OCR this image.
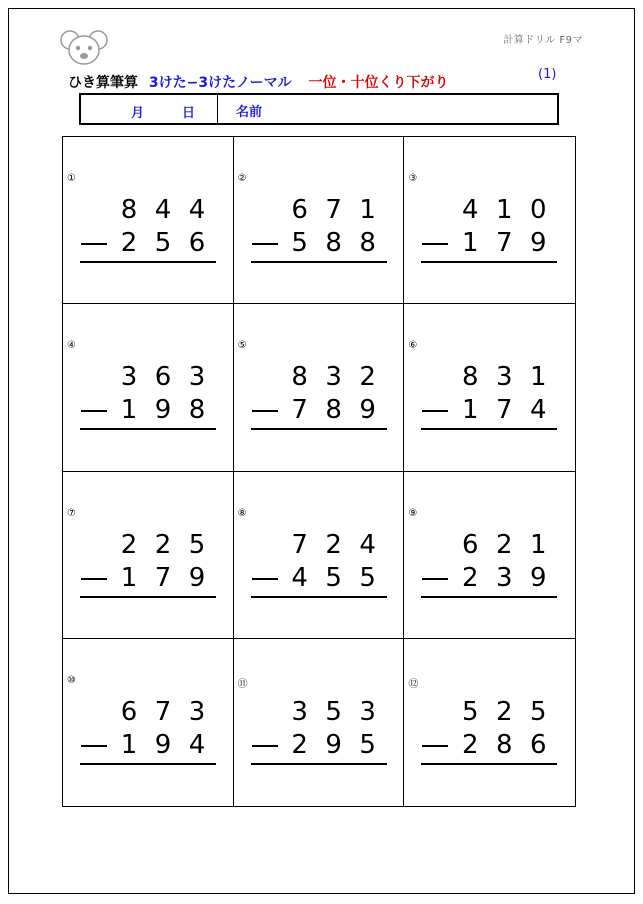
計算ドリル F9マ
ひき算筆算 3けた−3けたノーマル 一位・十位くり下がり
(1)
月	日	名前
①
8 4 4
2 5 6
②
6 7 1
5 8 8
③
4 1 0
1 7 9
④
3 6 3
1 9 8
⑤
8 3 2
7 8 9
⑥
8 3 1
1 7 4
⑦
2 2 5
1 7 9
⑧
7 2 4
4 5 5
⑨
6 2 1
2 3 9
⑩
6 7 3
1 9 4
⑪
3 5 3
2 9 5
⑫
5 2 5
2 8 6
